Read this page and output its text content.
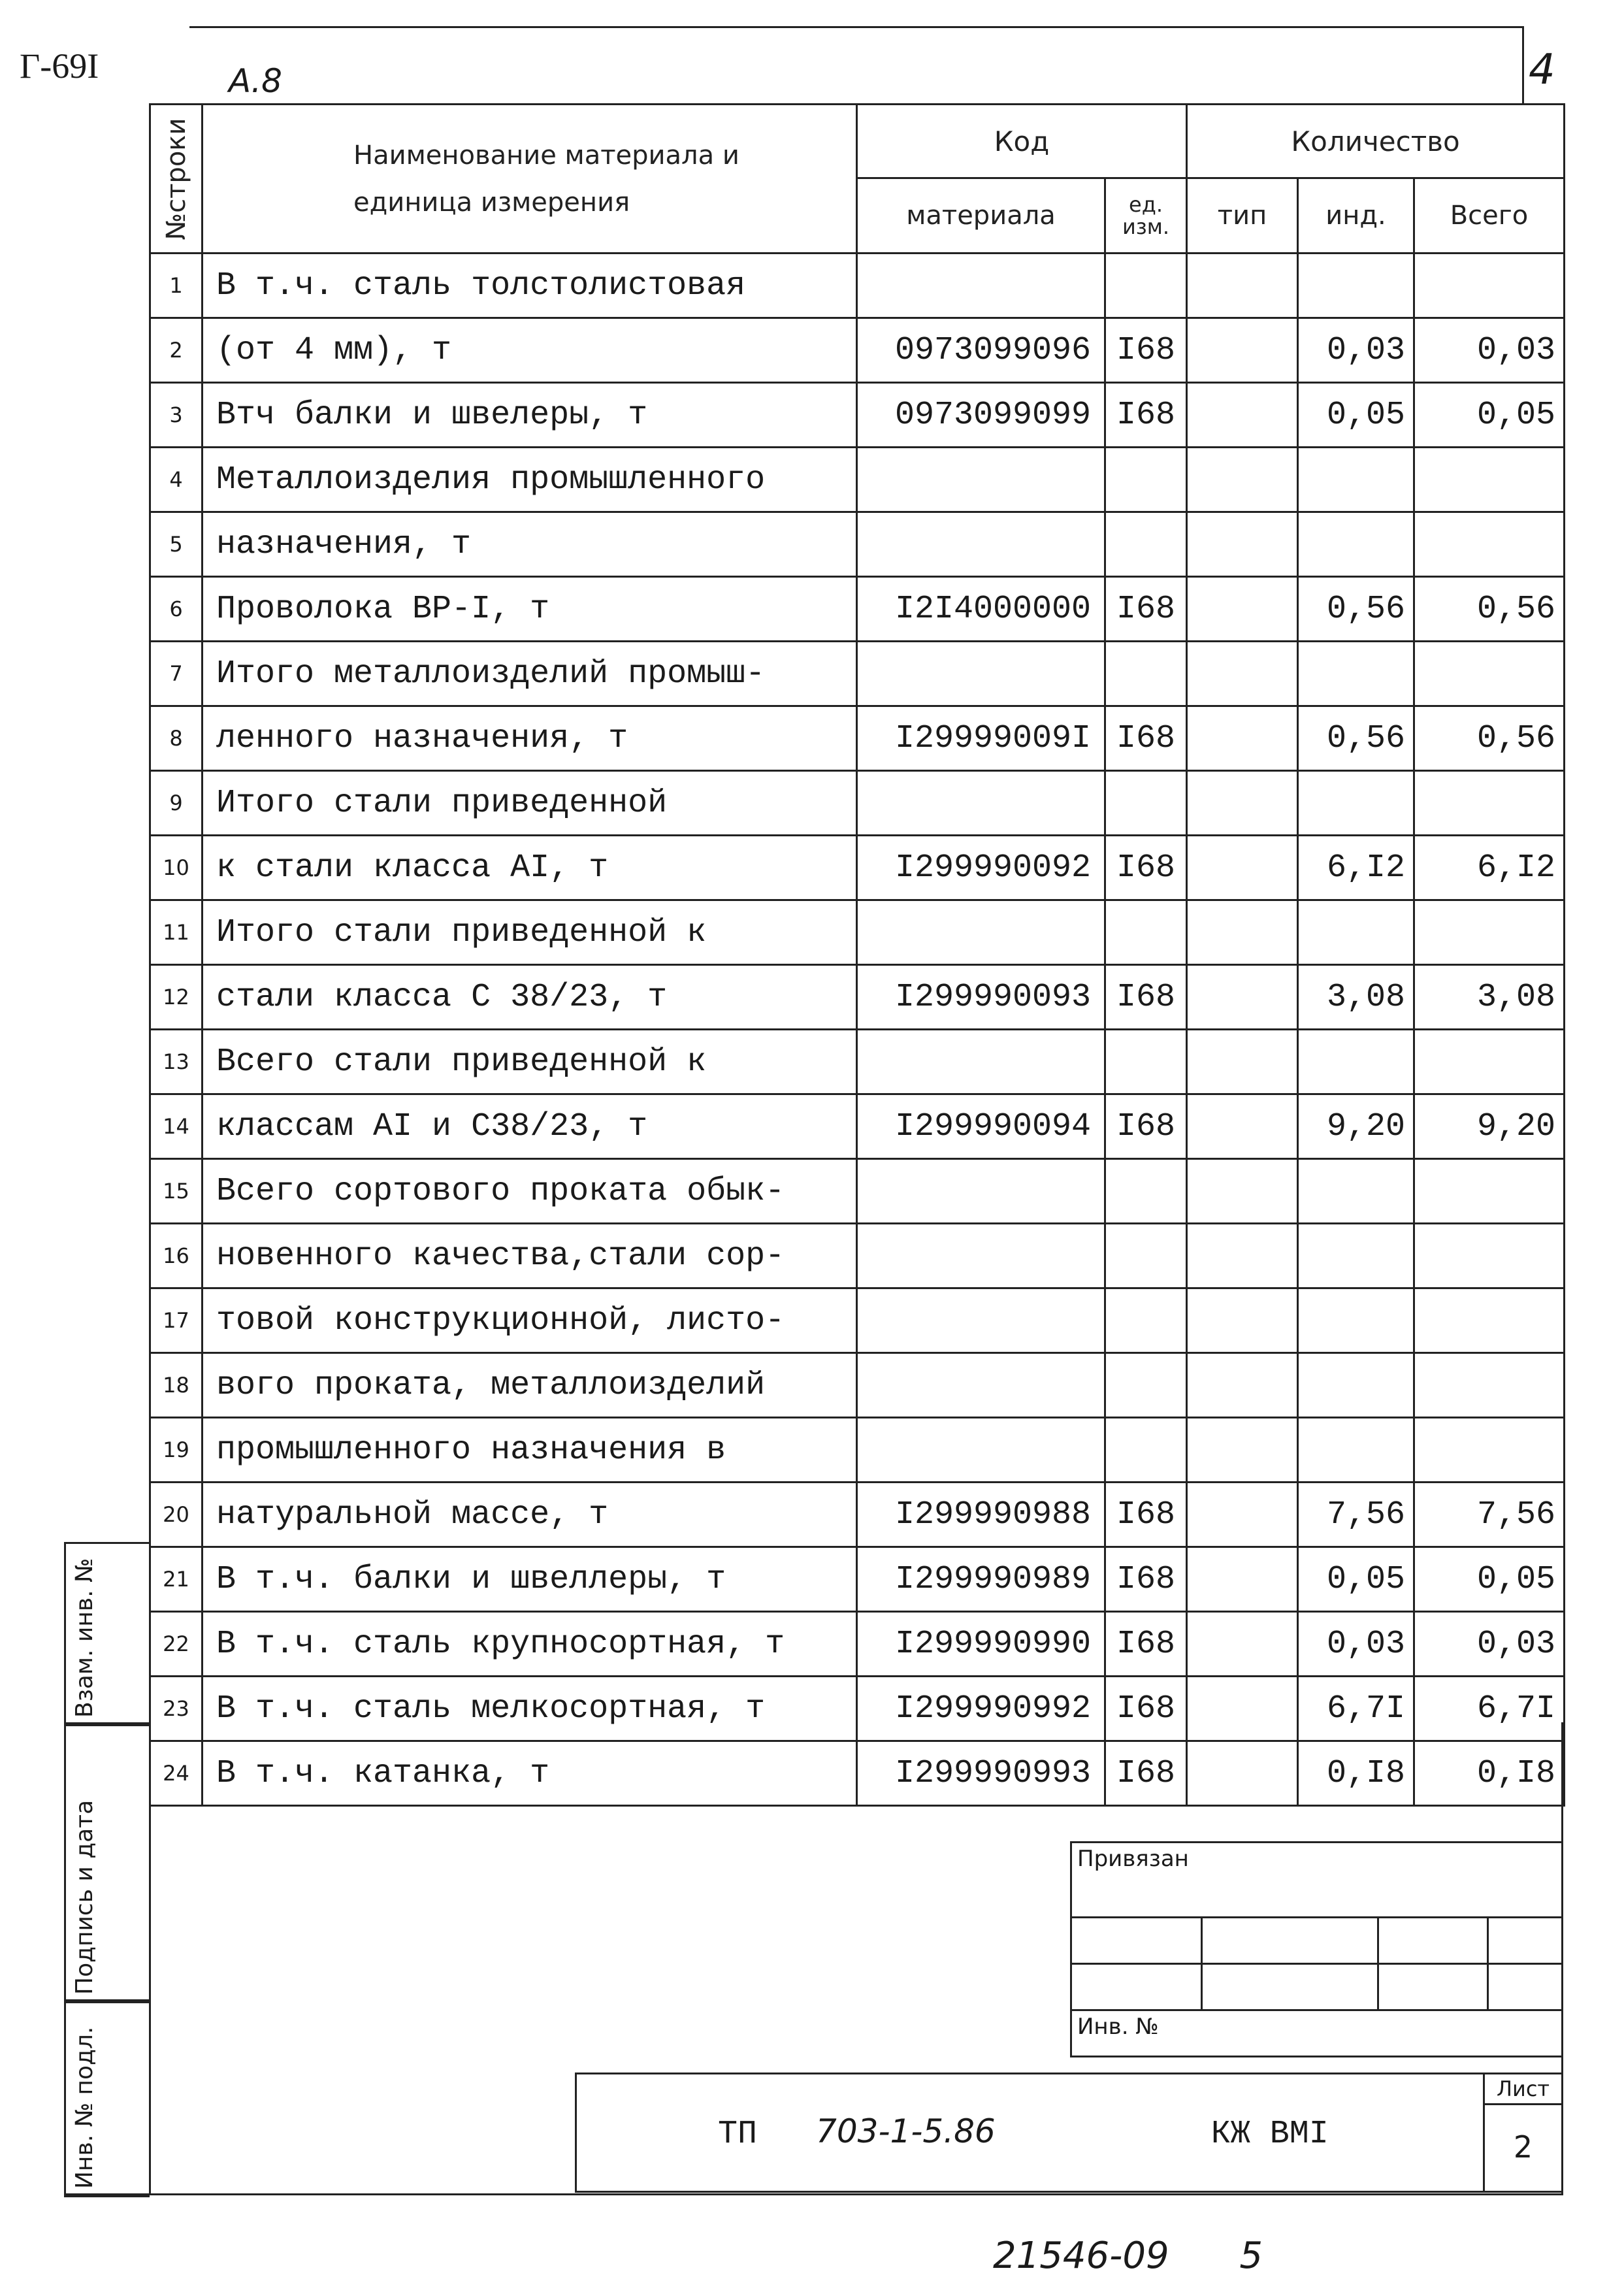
Г-69I	А.8	4
№строки	Наименование материала и единица измерения	Код		Количество		
		материала	ед. изм.	тип	инд.	Всего
1	В т.ч. сталь толстолистовая					
2	(от 4 мм), т	0973099096	I68		0,03	0,03
3	Втч балки и швелеры, т	0973099099	I68		0,05	0,05
4	Металлоизделия промышленного					
5	назначения, т					
6	Проволока ВР-I, т	I2I4000000	I68		0,56	0,56
7	Итого металлоизделий промыш-					
8	ленного назначения, т	I29999009I	I68		0,56	0,56
9	Итого стали приведенной					
10	к стали класса АI, т	I299990092	I68		6,I2	6,I2
11	Итого стали приведенной к					
12	стали класса С 38/23, т	I299990093	I68		3,08	3,08
13	Всего стали приведенной к					
14	классам АI и С38/23, т	I299990094	I68		9,20	9,20
15	Всего сортового проката обык-					
16	новенного качества,стали сор-					
17	товой конструкционной, листо-					
18	вого проката, металлоизделий					
19	промышленного назначения в					
20	натуральной массе, т	I299990988	I68		7,56	7,56
21	В т.ч. балки и швеллеры, т	I299990989	I68		0,05	0,05
22	В т.ч. сталь крупносортная, т	I299990990	I68		0,03	0,03
23	В т.ч. сталь мелкосортная, т	I299990992	I68		6,7I	6,7I
24	В т.ч. катанка, т	I299990993	I68		0,I8	0,I8
Взам. инв. №
Подпись и дата
Инв. № подл.
Привязан			

Инв. №			
ТП 703-1-5.86	КЖ ВМI	
Лист
2
21546-09 5
